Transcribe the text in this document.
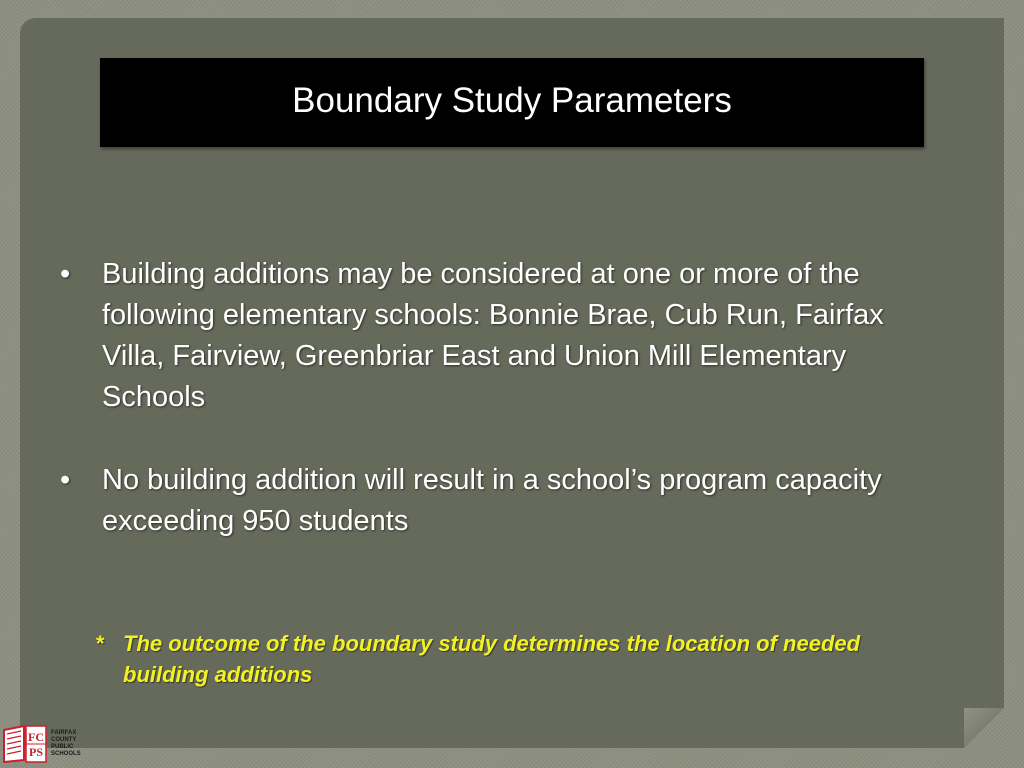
Boundary Study Parameters
•	Building additions may be considered at one or more of the following elementary schools: Bonnie Brae, Cub Run, Fairfax Villa, Fairview, Greenbriar East and Union Mill Elementary Schools
•	No building addition will result in a school’s program capacity exceeding 950 students
* The outcome of the boundary study determines the location of needed building additions
FC
PS
FAIRFAX
COUNTY
PUBLIC
SCHOOLS
